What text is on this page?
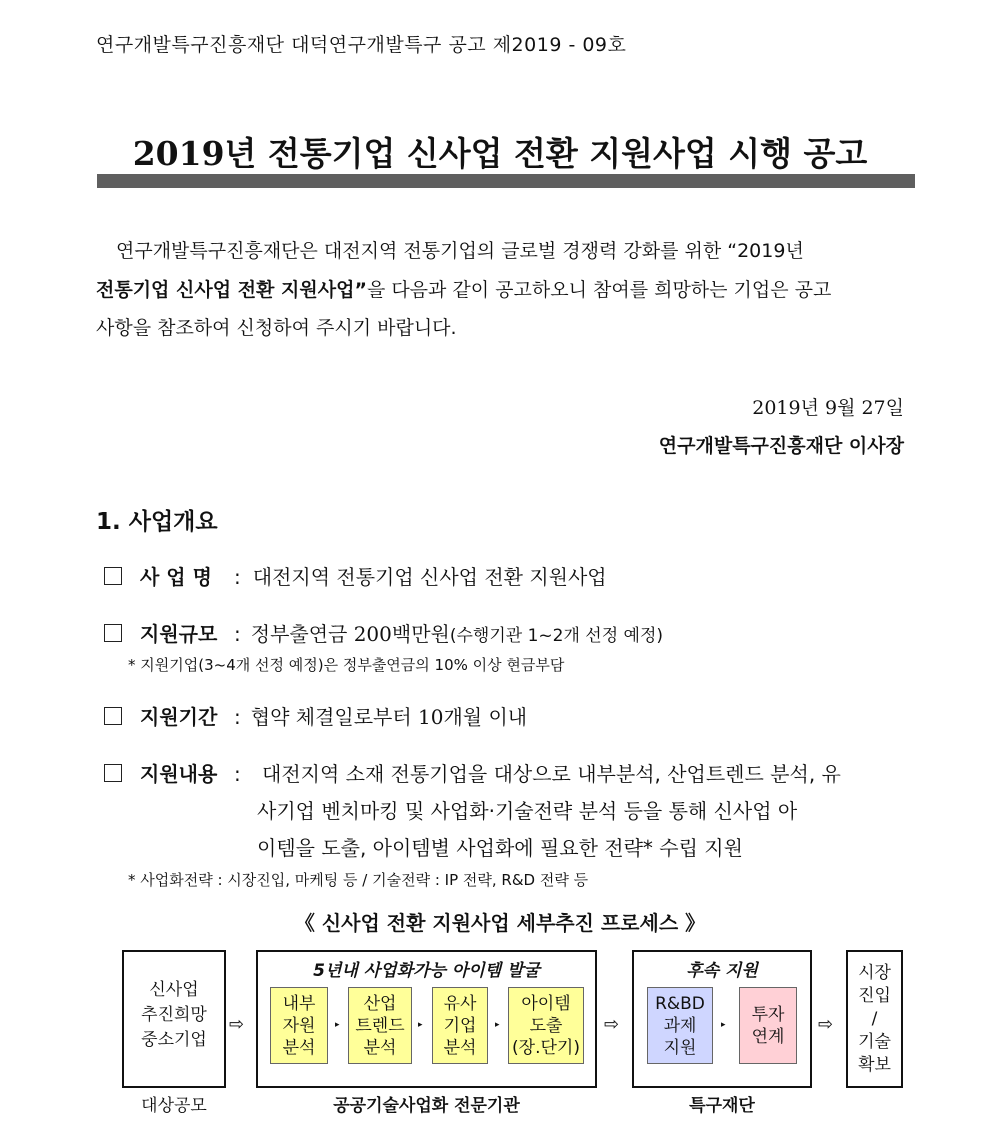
연구개발특구진흥재단 대덕연구개발특구 공고 제2019 - 09호
2019년 전통기업 신사업 전환 지원사업 시행 공고
연구개발특구진흥재단은 대전지역 전통기업의 글로벌 경쟁력 강화를 위한 “2019년
전통기업 신사업 전환 지원사업”을 다음과 같이 공고하오니 참여를 희망하는 기업은 공고
사항을 참조하여 신청하여 주시기 바랍니다.
2019년 9월 27일
연구개발특구진흥재단 이사장
1. 사업개요
사 업 명 : 대전지역 전통기업 신사업 전환 지원사업
지원규모 : 정부출연금 200백만원(수행기관 1~2개 선정 예정)
* 지원기업(3~4개 선정 예정)은 정부출연금의 10% 이상 현금부담
지원기간 : 협약 체결일로부터 10개월 이내
지원내용 :	대전지역 소재 전통기업을 대상으로 내부분석, 산업트렌드 분석, 유
사기업 벤치마킹 및 사업화·기술전략 분석 등을 통해 신사업 아
이템을 도출, 아이템별 사업화에 필요한 전략* 수립 지원
* 사업화전략 : 시장진입, 마케팅 등 / 기술전략 : IP 전략, R&D 전략 등
《 신사업 전환 지원사업 세부추진 프로세스 》
신사업
추진희망
중소기업
대상공모
⇨
5년내 사업화가능 아이템 발굴
내부
자원
분석
▸
산업
트렌드
분석
▸
유사
기업
분석
▸
아이템
도출
(장.단기)
공공기술사업화 전문기관
⇨
후속 지원
R&BD
과제
지원
▸
투자
연계
특구재단
⇨
시장
진입
/
기술
확보
